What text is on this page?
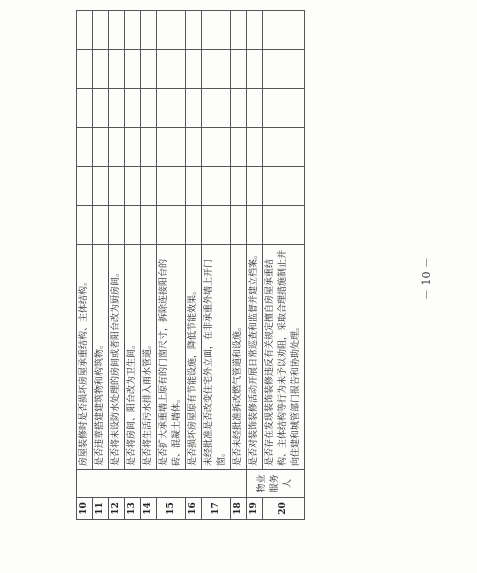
10		房屋装修时是否损坏房屋承重结构、主体结构。						
11		是否违章搭建建筑物和构筑物。						
12		是否将未设防水处理的房间或者阳台改为厨房间。						
13		是否将房间、阳台改为卫生间。						
14		是否将生活污水排入雨水管道。						
15		是否扩大承重墙上原有的门窗尺寸，拆除连接阳台的砖、混凝土墙体。						
16		是否损坏房屋原有节能设施，降低节能效果。						
17		未经批准是否改变住宅外立面，在非承重外墙上开门窗。						
18		是否未经批准拆改燃气管道和设施。						
19	物业服务人	是否对装饰装修活动开展日常巡查和监督并建立档案。						
20		是否存在发现装饰装修违反有关规定擅自房屋承重结构、主体结构等行为未予以劝阻，采取合理措施制止并向住建和城管部门报告和协助处理。						
－ 10 －
